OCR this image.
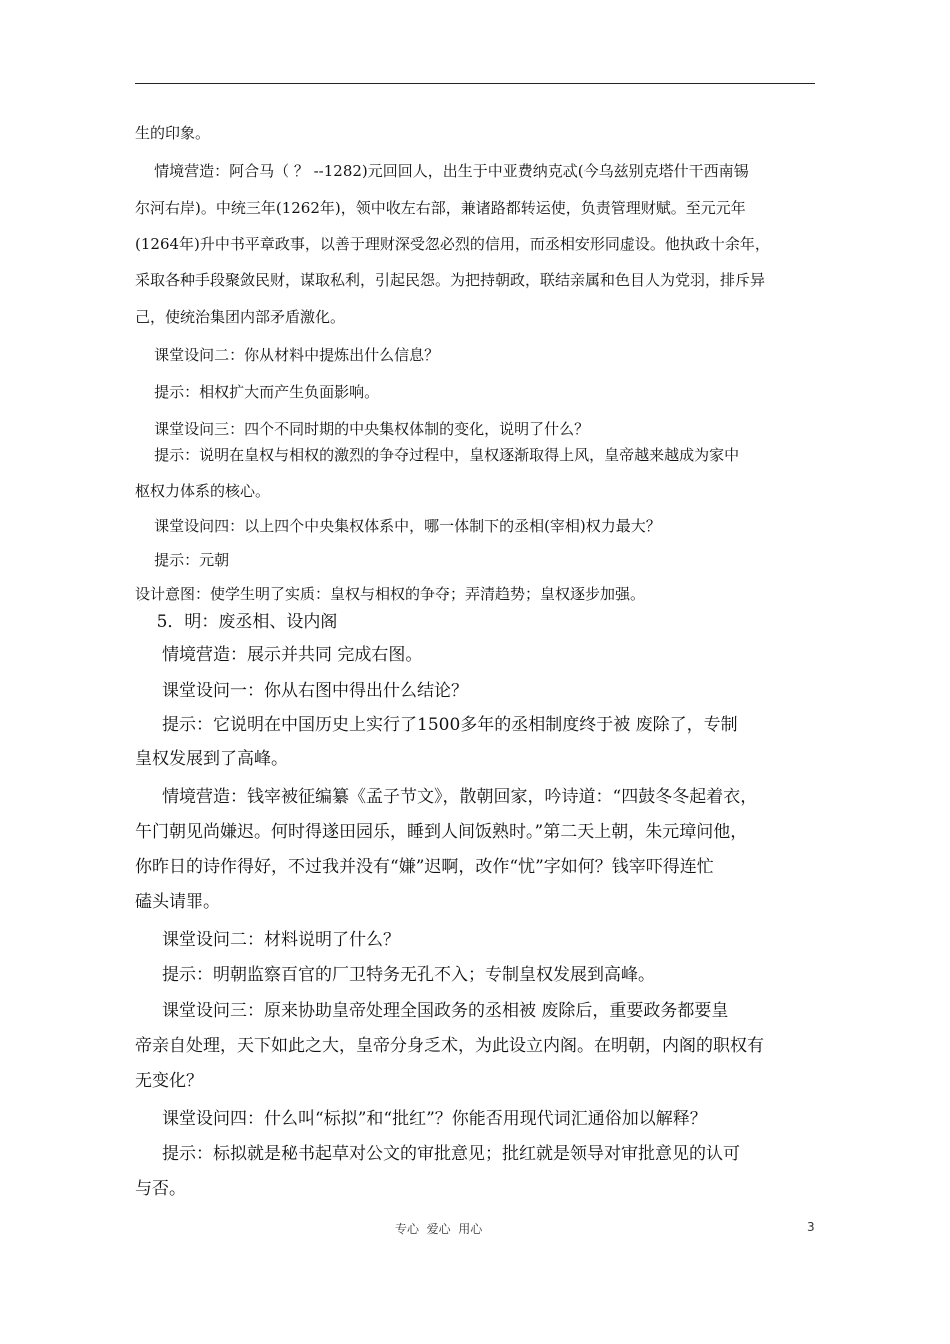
生的印象。

情境营造：阿合马（ ？ --1282)元回回人，出生于中亚费纳克忒(今乌兹别克塔什干西南锡

尔河右岸)。中统三年(1262年)，领中收左右部，兼诸路都转运使，负责管理财赋。至元元年

(1264年)升中书平章政事，以善于理财深受忽必烈的信用，而丞相安形同虚设。他执政十余年，

采取各种手段聚敛民财，谋取私利，引起民怨。为把持朝政，联结亲属和色目人为党羽，排斥异

己，使统治集团内部矛盾激化。

课堂设问二：你从材料中提炼出什么信息？

提示：相权扩大而产生负面影响。

课堂设问三：四个不同时期的中央集权体制的变化，说明了什么？

提示：说明在皇权与相权的激烈的争夺过程中，皇权逐渐取得上风，皇帝越来越成为家中

枢权力体系的核心。

课堂设问四：以上四个中央集权体系中，哪一体制下的丞相(宰相)权力最大？

提示：元朝

设计意图：使学生明了实质：皇权与相权的争夺；弄清趋势；皇权逐步加强。

5．明：废丞相、设内阁

情境营造：展示并共同 完成右图。

课堂设问一：你从右图中得出什么结论？

提示：它说明在中国历史上实行了1500多年的丞相制度终于被 废除了，专制

皇权发展到了高峰。

情境营造：钱宰被征编纂《孟子节文》，散朝回家，吟诗道：“四鼓冬冬起着衣，

午门朝见尚嫌迟。何时得遂田园乐，睡到人间饭熟时。”第二天上朝，朱元璋问他，

你昨日的诗作得好，不过我并没有“嫌”迟啊，改作“忧”字如何？钱宰吓得连忙

磕头请罪。

课堂设问二：材料说明了什么？

提示：明朝监察百官的厂卫特务无孔不入；专制皇权发展到高峰。

课堂设问三：原来协助皇帝处理全国政务的丞相被 废除后，重要政务都要皇

帝亲自处理，天下如此之大，皇帝分身乏术，为此设立内阁。在明朝，内阁的职权有

无变化？

课堂设问四：什么叫“标拟”和“批红”？你能否用现代词汇通俗加以解释？

提示：标拟就是秘书起草对公文的审批意见；批红就是领导对审批意见的认可

与否。

专心  爱心  用心	3
